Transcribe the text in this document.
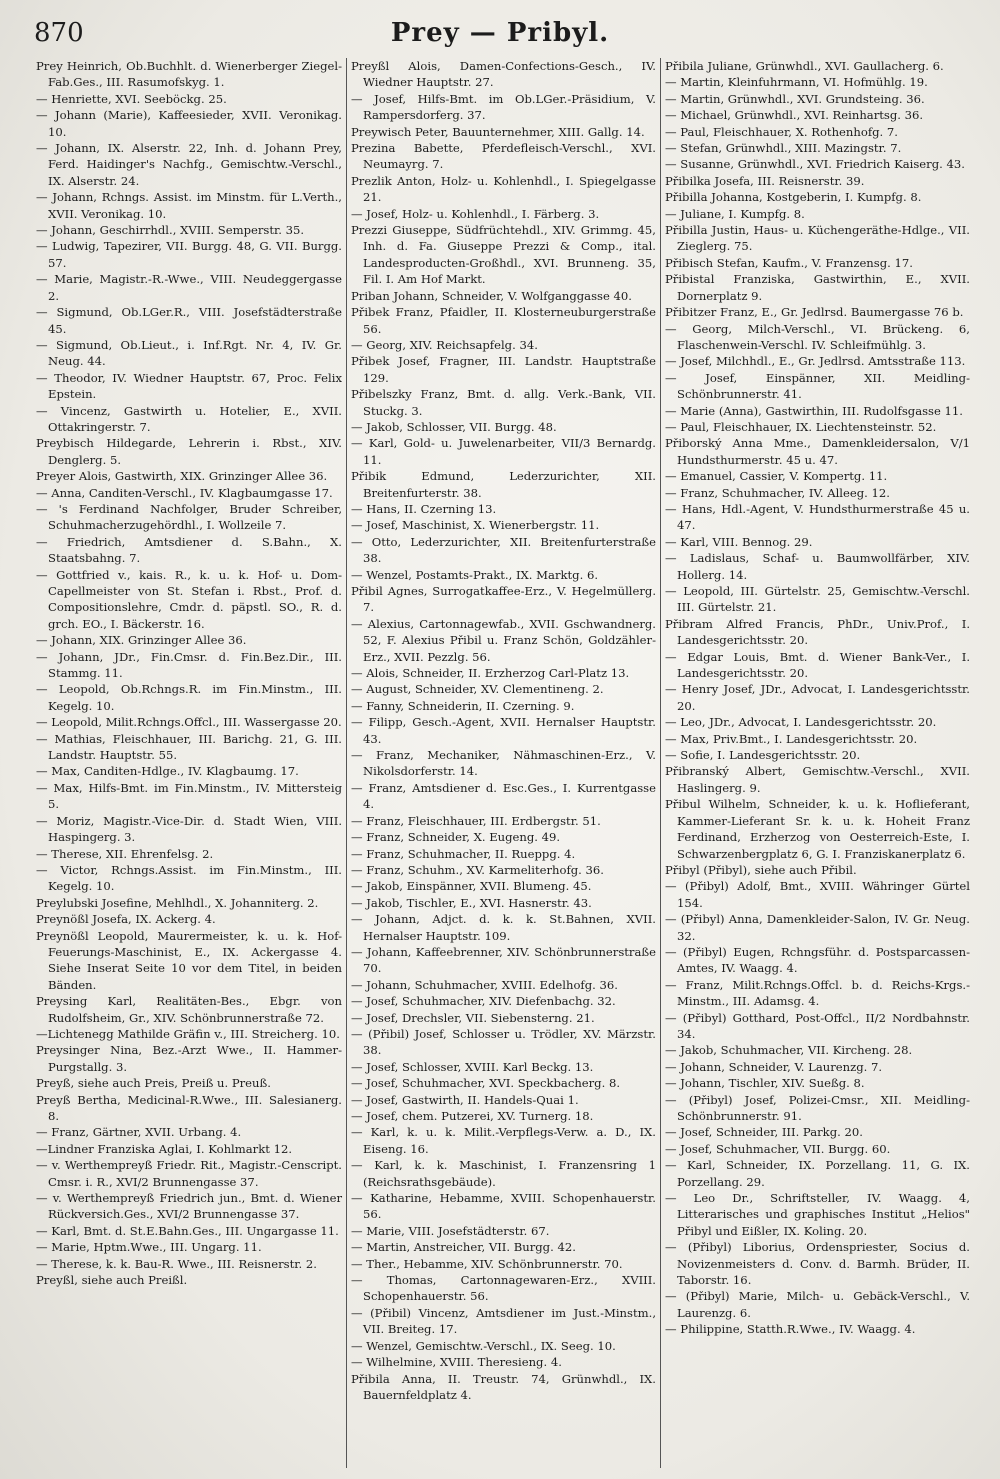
870	Prey — Pribyl.

Prey Heinrich, Ob.Buchhlt. d. Wienerberger Ziegel-Fab.Ges., III. Rasumofskyg. 1.

— Henriette, XVI. Seeböckg. 25.

— Johann (Marie), Kaffeesieder, XVII. Veronikag. 10.

— Johann, IX. Alserstr. 22, Inh. d. Johann Prey, Ferd. Haidinger's Nachfg., Gemischtw.-Verschl., IX. Alserstr. 24.

— Johann, Rchngs. Assist. im Minstm. für L.Verth., XVII. Veronikag. 10.

— Johann, Geschirrhdl., XVIII. Semperstr. 35.

— Ludwig, Tapezirer, VII. Burgg. 48, G. VII. Burgg. 57.

— Marie, Magistr.-R.-Wwe., VIII. Neudeggergasse 2.

— Sigmund, Ob.LGer.R., VIII. Josefstädterstraße 45.

— Sigmund, Ob.Lieut., i. Inf.Rgt. Nr. 4, IV. Gr. Neug. 44.

— Theodor, IV. Wiedner Hauptstr. 67, Proc. Felix Epstein.

— Vincenz, Gastwirth u. Hotelier, E., XVII. Ottakringerstr. 7.

Preybisch Hildegarde, Lehrerin i. Rbst., XIV. Denglerg. 5.

Preyer Alois, Gastwirth, XIX. Grinzinger Allee 36.

— Anna, Canditen-Verschl., IV. Klagbaumgasse 17.

— 's Ferdinand Nachfolger, Bruder Schreiber, Schuhmacherzugehördhl., I. Wollzeile 7.

— Friedrich, Amtsdiener d. S.Bahn., X. Staatsbahng. 7.

— Gottfried v., kais. R., k. u. k. Hof- u. Dom-Capellmeister von St. Stefan i. Rbst., Prof. d. Compositionslehre, Cmdr. d. päpstl. SO., R. d. grch. EO., I. Bäckerstr. 16.

— Johann, XIX. Grinzinger Allee 36.

— Johann, JDr., Fin.Cmsr. d. Fin.Bez.Dir., III. Stammg. 11.

— Leopold, Ob.Rchngs.R. im Fin.Minstm., III. Kegelg. 10.

— Leopold, Milit.Rchngs.Offcl., III. Wassergasse 20.

— Mathias, Fleischhauer, III. Barichg. 21, G. III. Landstr. Hauptstr. 55.

— Max, Canditen-Hdlge., IV. Klagbaumg. 17.

— Max, Hilfs-Bmt. im Fin.Minstm., IV. Mittersteig 5.

— Moriz, Magistr.-Vice-Dir. d. Stadt Wien, VIII. Haspingerg. 3.

— Therese, XII. Ehrenfelsg. 2.

— Victor, Rchngs.Assist. im Fin.Minstm., III. Kegelg. 10.

Preylubski Josefine, Mehlhdl., X. Johanniterg. 2.

Preynößl Josefa, IX. Ackerg. 4.

Preynößl Leopold, Maurermeister, k. u. k. Hof-Feuerungs-Maschinist, E., IX. Ackergasse 4. Siehe Inserat Seite 10 vor dem Titel, in beiden Bänden.

Preysing Karl, Realitäten-Bes., Ebgr. von Rudolfsheim, Gr., XIV. Schönbrunnerstraße 72.

—Lichtenegg Mathilde Gräfin v., III. Streicherg. 10.

Preysinger Nina, Bez.-Arzt Wwe., II. Hammer-Purgstallg. 3.

Preyß, siehe auch Preis, Preiß u. Preuß.

Preyß Bertha, Medicinal-R.Wwe., III. Salesianerg. 8.

— Franz, Gärtner, XVII. Urbang. 4.

—Lindner Franziska Aglai, I. Kohlmarkt 12.

— v. Werthempreyß Friedr. Rit., Magistr.-Censcript. Cmsr. i. R., XVI/2 Brunnengasse 37.

— v. Werthempreyß Friedrich jun., Bmt. d. Wiener Rückversich.Ges., XVI/2 Brunnengasse 37.

— Karl, Bmt. d. St.E.Bahn.Ges., III. Ungargasse 11.

— Marie, Hptm.Wwe., III. Ungarg. 11.

— Therese, k. k. Bau-R. Wwe., III. Reisnerstr. 2.

Preyßl, siehe auch Preißl.

Preyßl Alois, Damen-Confections-Gesch., IV. Wiedner Hauptstr. 27.

— Josef, Hilfs-Bmt. im Ob.LGer.-Präsidium, V. Rampersdorferg. 37.

Preywisch Peter, Bauunternehmer, XIII. Gallg. 14.

Prezina Babette, Pferdefleisch-Verschl., XVI. Neumayrg. 7.

Prezlik Anton, Holz- u. Kohlenhdl., I. Spiegelgasse 21.

— Josef, Holz- u. Kohlenhdl., I. Färberg. 3.

Prezzi Giuseppe, Südfrüchtehdl., XIV. Grimmg. 45, Inh. d. Fa. Giuseppe Prezzi & Comp., ital. Landesproducten-Großhdl., XVI. Brunneng. 35, Fil. I. Am Hof Markt.

Priban Johann, Schneider, V. Wolfganggasse 40.

Přibek Franz, Pfaidler, II. Klosterneuburgerstraße 56.

— Georg, XIV. Reichsapfelg. 34.

Přibek Josef, Fragner, III. Landstr. Hauptstraße 129.

Přibelszky Franz, Bmt. d. allg. Verk.-Bank, VII. Stuckg. 3.

— Jakob, Schlosser, VII. Burgg. 48.

— Karl, Gold- u. Juwelenarbeiter, VII/3 Bernardg. 11.

Přibik Edmund, Lederzurichter, XII. Breitenfurterstr. 38.

— Hans, II. Czerning 13.

— Josef, Maschinist, X. Wienerbergstr. 11.

— Otto, Lederzurichter, XII. Breitenfurterstraße 38.

— Wenzel, Postamts-Prakt., IX. Marktg. 6.

Přibil Agnes, Surrogatkaffee-Erz., V. Hegelmüllerg. 7.

— Alexius, Cartonnagewfab., XVII. Gschwandnerg. 52, F. Alexius Přibil u. Franz Schön, Goldzähler-Erz., XVII. Pezzlg. 56.

— Alois, Schneider, II. Erzherzog Carl-Platz 13.

— August, Schneider, XV. Clementineng. 2.

— Fanny, Schneiderin, II. Czerning. 9.

— Filipp, Gesch.-Agent, XVII. Hernalser Hauptstr. 43.

— Franz, Mechaniker, Nähmaschinen-Erz., V. Nikolsdorferstr. 14.

— Franz, Amtsdiener d. Esc.Ges., I. Kurrentgasse 4.

— Franz, Fleischhauer, III. Erdbergstr. 51.

— Franz, Schneider, X. Eugeng. 49.

— Franz, Schuhmacher, II. Rueppg. 4.

— Franz, Schuhm., XV. Karmeliterhofg. 36.

— Jakob, Einspänner, XVII. Blumeng. 45.

— Jakob, Tischler, E., XVI. Hasnerstr. 43.

— Johann, Adjct. d. k. k. St.Bahnen, XVII. Hernalser Hauptstr. 109.

— Johann, Kaffeebrenner, XIV. Schönbrunnerstraße 70.

— Johann, Schuhmacher, XVIII. Edelhofg. 36.

— Josef, Schuhmacher, XIV. Diefenbachg. 32.

— Josef, Drechsler, VII. Siebensterng. 21.

— (Přibil) Josef, Schlosser u. Trödler, XV. Märzstr. 38.

— Josef, Schlosser, XVIII. Karl Beckg. 13.

— Josef, Schuhmacher, XVI. Speckbacherg. 8.

— Josef, Gastwirth, II. Handels-Quai 1.

— Josef, chem. Putzerei, XV. Turnerg. 18.

— Karl, k. u. k. Milit.-Verpflegs-Verw. a. D., IX. Eiseng. 16.

— Karl, k. k. Maschinist, I. Franzensring 1 (Reichsrathsgebäude).

— Katharine, Hebamme, XVIII. Schopenhauerstr. 56.

— Marie, VIII. Josefstädterstr. 67.

— Martin, Anstreicher, VII. Burgg. 42.

— Ther., Hebamme, XIV. Schönbrunnerstr. 70.

— Thomas, Cartonnagewaren-Erz., XVIII. Schopenhauerstr. 56.

— (Přibil) Vincenz, Amtsdiener im Just.-Minstm., VII. Breiteg. 17.

— Wenzel, Gemischtw.-Verschl., IX. Seeg. 10.

— Wilhelmine, XVIII. Theresieng. 4.

Přibila Anna, II. Treustr. 74, Grünwhdl., IX. Bauernfeldplatz 4.

Přibila Juliane, Grünwhdl., XVI. Gaullacherg. 6.

— Martin, Kleinfuhrmann, VI. Hofmühlg. 19.

— Martin, Grünwhdl., XVI. Grundsteing. 36.

— Michael, Grünwhdl., XVI. Reinhartsg. 36.

— Paul, Fleischhauer, X. Rothenhofg. 7.

— Stefan, Grünwhdl., XIII. Mazingstr. 7.

— Susanne, Grünwhdl., XVI. Friedrich Kaiserg. 43.

Přibilka Josefa, III. Reisnerstr. 39.

Přibilla Johanna, Kostgeberin, I. Kumpfg. 8.

— Juliane, I. Kumpfg. 8.

Přibilla Justin, Haus- u. Küchengeräthe-Hdlge., VII. Zieglerg. 75.

Přibisch Stefan, Kaufm., V. Franzensg. 17.

Přibistal Franziska, Gastwirthin, E., XVII. Dornerplatz 9.

Přibitzer Franz, E., Gr. Jedlrsd. Baumergasse 76 b.

— Georg, Milch-Verschl., VI. Brückeng. 6, Flaschenwein-Verschl. IV. Schleifmühlg. 3.

— Josef, Milchhdl., E., Gr. Jedlrsd. Amtsstraße 113.

— Josef, Einspänner, XII. Meidling-Schönbrunnerstr. 41.

— Marie (Anna), Gastwirthin, III. Rudolfsgasse 11.

— Paul, Fleischhauer, IX. Liechtensteinstr. 52.

Přiborský Anna Mme., Damenkleidersalon, V/1 Hundsthurmerstr. 45 u. 47.

— Emanuel, Cassier, V. Kompertg. 11.

— Franz, Schuhmacher, IV. Alleeg. 12.

— Hans, Hdl.-Agent, V. Hundsthurmerstraße 45 u. 47.

— Karl, VIII. Bennog. 29.

— Ladislaus, Schaf- u. Baumwollfärber, XIV. Hollerg. 14.

— Leopold, III. Gürtelstr. 25, Gemischtw.-Verschl. III. Gürtelstr. 21.

Přibram Alfred Francis, PhDr., Univ.Prof., I. Landesgerichtsstr. 20.

— Edgar Louis, Bmt. d. Wiener Bank-Ver., I. Landesgerichtsstr. 20.

— Henry Josef, JDr., Advocat, I. Landesgerichtsstr. 20.

— Leo, JDr., Advocat, I. Landesgerichtsstr. 20.

— Max, Priv.Bmt., I. Landesgerichtsstr. 20.

— Sofie, I. Landesgerichtsstr. 20.

Přibranský Albert, Gemischtw.-Verschl., XVII. Haslingerg. 9.

Přibul Wilhelm, Schneider, k. u. k. Hoflieferant, Kammer-Lieferant Sr. k. u. k. Hoheit Franz Ferdinand, Erzherzog von Oesterreich-Este, I. Schwarzenbergplatz 6, G. I. Franziskanerplatz 6.

Přibyl (Přibyl), siehe auch Přibil.

— (Přibyl) Adolf, Bmt., XVIII. Währinger Gürtel 154.

— (Přibyl) Anna, Damenkleider-Salon, IV. Gr. Neug. 32.

— (Přibyl) Eugen, Rchngsführ. d. Postsparcassen-Amtes, IV. Waagg. 4.

— Franz, Milit.Rchngs.Offcl. b. d. Reichs-Krgs.-Minstm., III. Adamsg. 4.

— (Přibyl) Gotthard, Post-Offcl., II/2 Nordbahnstr. 34.

— Jakob, Schuhmacher, VII. Kircheng. 28.

— Johann, Schneider, V. Laurenzg. 7.

— Johann, Tischler, XIV. Sueßg. 8.

— (Přibyl) Josef, Polizei-Cmsr., XII. Meidling-Schönbrunnerstr. 91.

— Josef, Schneider, III. Parkg. 20.

— Josef, Schuhmacher, VII. Burgg. 60.

— Karl, Schneider, IX. Porzellang. 11, G. IX. Porzellang. 29.

— Leo Dr., Schriftsteller, IV. Waagg. 4, Litterarisches und graphisches Institut „Helios" Přibyl und Eißler, IX. Koling. 20.

— (Přibyl) Liborius, Ordenspriester, Socius d. Novizenmeisters d. Conv. d. Barmh. Brüder, II. Taborstr. 16.

— (Přibyl) Marie, Milch- u. Gebäck-Verschl., V. Laurenzg. 6.

— Philippine, Statth.R.Wwe., IV. Waagg. 4.
